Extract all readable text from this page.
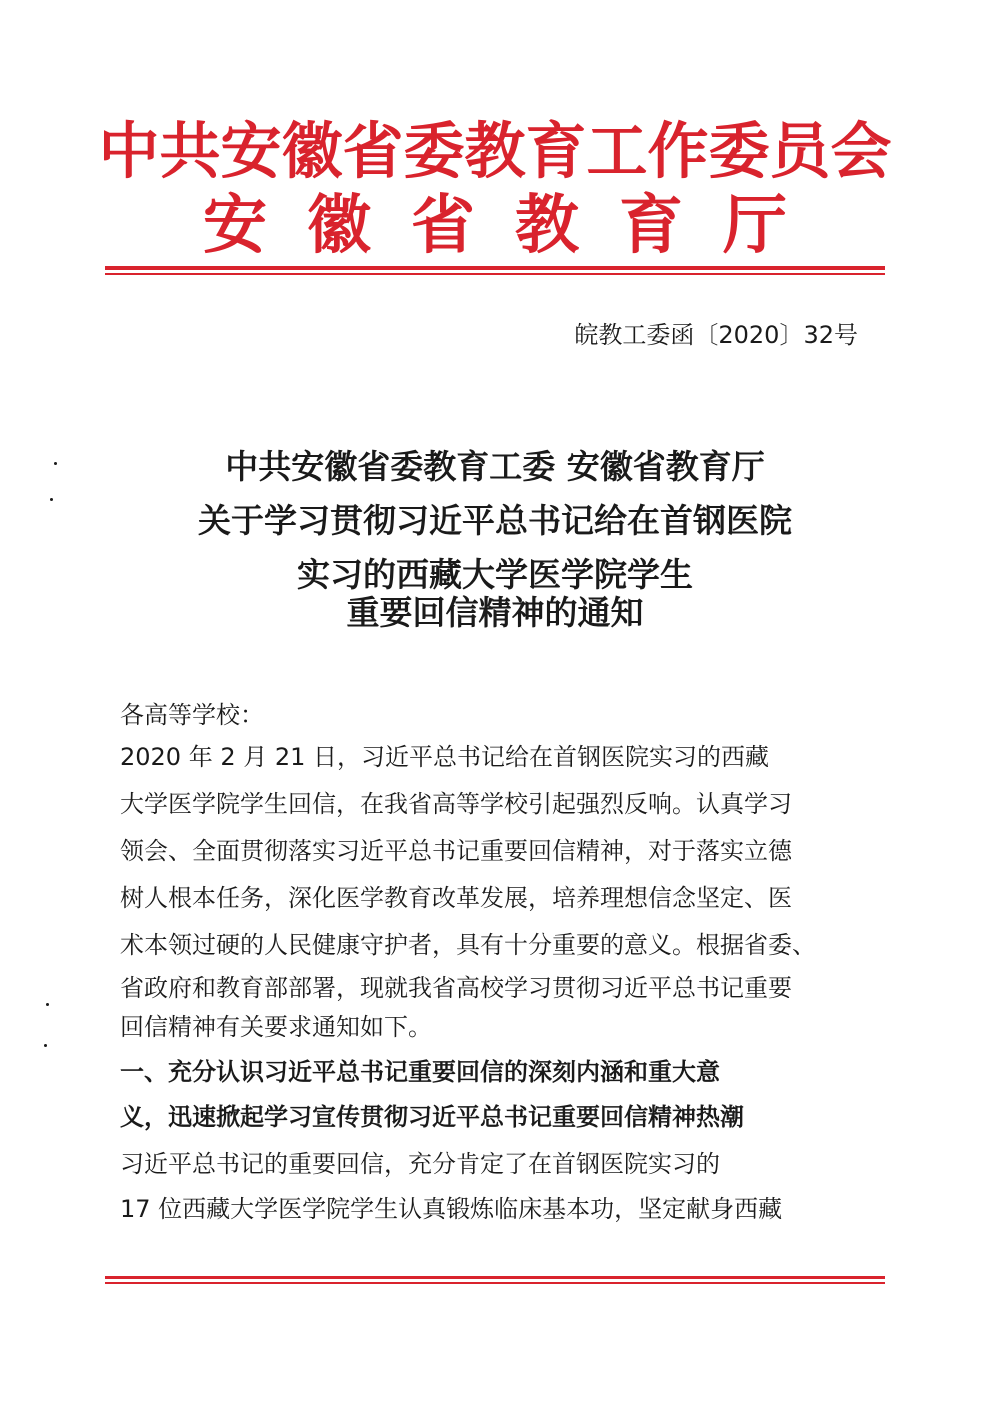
中共安徽省委教育工作委员会
安徽省教育厅
皖教工委函〔2020〕32号
中共安徽省委教育工委 安徽省教育厅
关于学习贯彻习近平总书记给在首钢医院
实习的西藏大学医学院学生
重要回信精神的通知
各高等学校：
2020 年 2 月 21 日，习近平总书记给在首钢医院实习的西藏
大学医学院学生回信，在我省高等学校引起强烈反响。认真学习
领会、全面贯彻落实习近平总书记重要回信精神，对于落实立德
树人根本任务，深化医学教育改革发展，培养理想信念坚定、医
术本领过硬的人民健康守护者，具有十分重要的意义。根据省委、
省政府和教育部部署，现就我省高校学习贯彻习近平总书记重要
回信精神有关要求通知如下。
一、充分认识习近平总书记重要回信的深刻内涵和重大意
义，迅速掀起学习宣传贯彻习近平总书记重要回信精神热潮
习近平总书记的重要回信，充分肯定了在首钢医院实习的
17 位西藏大学医学院学生认真锻炼临床基本功，坚定献身西藏
